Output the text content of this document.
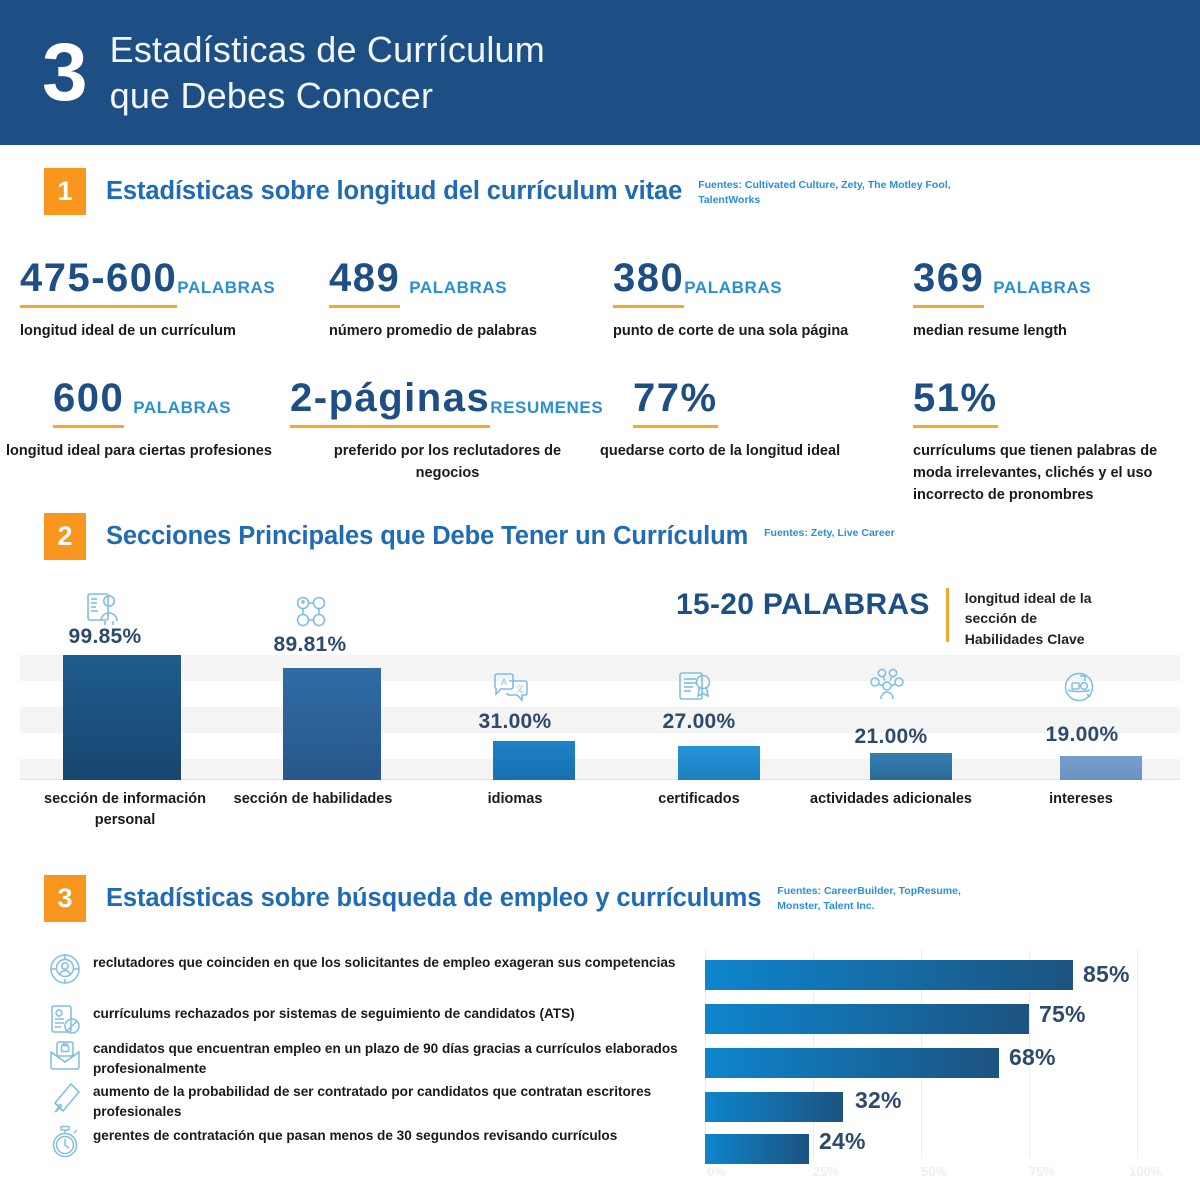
3 Estadísticas de Currículum
que Debes Conocer
1	Estadísticas sobre longitud del currículum vitae Fuentes: Cultivated Culture, Zety, The Motley Fool, TalentWorks
475-600 PALABRAS
longitud ideal de un currículum
489 PALABRAS
número promedio de palabras
380 PALABRAS
punto de corte de una sola página
369 PALABRAS
median resume length
600 PALABRAS
longitud ideal para ciertas profesiones
2-páginas RESUMENES
preferido por los reclutadores de negocios
77%
quedarse corto de la longitud ideal
51%
currículums que tienen palabras de moda irrelevantes, clichés y el uso incorrecto de pronombres
2	Secciones Principales que Debe Tener un Currículum Fuentes: Zety, Live Career
15-20 PALABRAS	longitud ideal de la
sección de
Habilidades Clave
A
文
99.85%	89.81%
31.00%	27.00%
21.00%	19.00%
sección de información personal
sección de habilidades	idiomas	certificados	actividades adicionales	intereses
3	Estadísticas sobre búsqueda de empleo y currículums Fuentes: CareerBuilder, TopResume, Monster, Talent Inc.
reclutadores que coinciden en que los solicitantes de empleo exageran sus competencias
currículums rechazados por sistemas de seguimiento de candidatos (ATS)
candidatos que encuentran empleo en un plazo de 90 días gracias a currículos elaborados profesionalmente
aumento de la probabilidad de ser contratado por candidatos que contratan escritores profesionales
gerentes de contratación que pasan menos de 30 segundos revisando currículos
85%
75%
68%
32%
24%
0%	25%	50%	75%	100%
